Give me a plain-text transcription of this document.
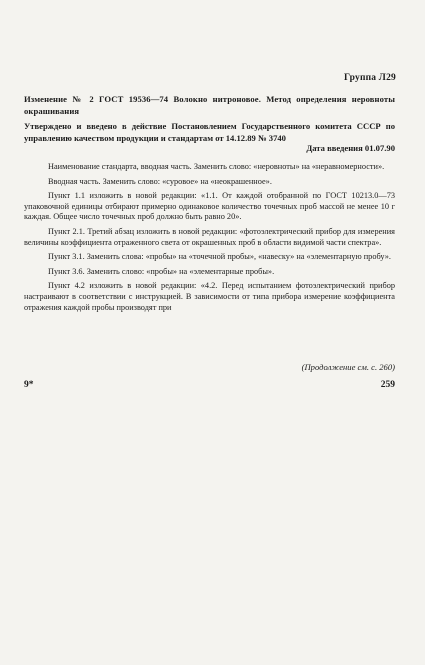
Группа Л29
Изменение № 2 ГОСТ 19536—74 Волокно нитроновое. Метод определения неровноты окрашивания
Утверждено и введено в действие Постановлением Государственного комитета СССР по управлению качеством продукции и стандартам от 14.12.89 № 3740
Дата введения 01.07.90

Наименование стандарта, вводная часть. Заменить слово: «неровноты» на «неравномерности».

Вводная часть. Заменить слово: «суровое» на «неокрашенное».

Пункт 1.1 изложить в новой редакции: «1.1. От каждой отобранной по ГОСТ 10213.0—73 упаковочной единицы отбирают примерно одинаковое количество точечных проб массой не менее 10 г каждая. Общее число точечных проб должно быть равно 20».

Пункт 2.1. Третий абзац изложить в новой редакции: «фотоэлектрический прибор для измерения величины коэффициента отраженного света от окрашенных проб в области видимой части спектра».

Пункт 3.1. Заменить слова: «пробы» на «точечной пробы», «навеску» на «элементарную пробу».

Пункт 3.6. Заменить слово: «пробы» на «элементарные пробы».

Пункт 4.2 изложить в новой редакции: «4.2. Перед испытанием фотоэлектрический прибор настраивают в соответствии с инструкцией. В зависимости от типа прибора измерение коэффициента отражения каждой пробы производят при

(Продолжение см. с. 260)
9*	259
